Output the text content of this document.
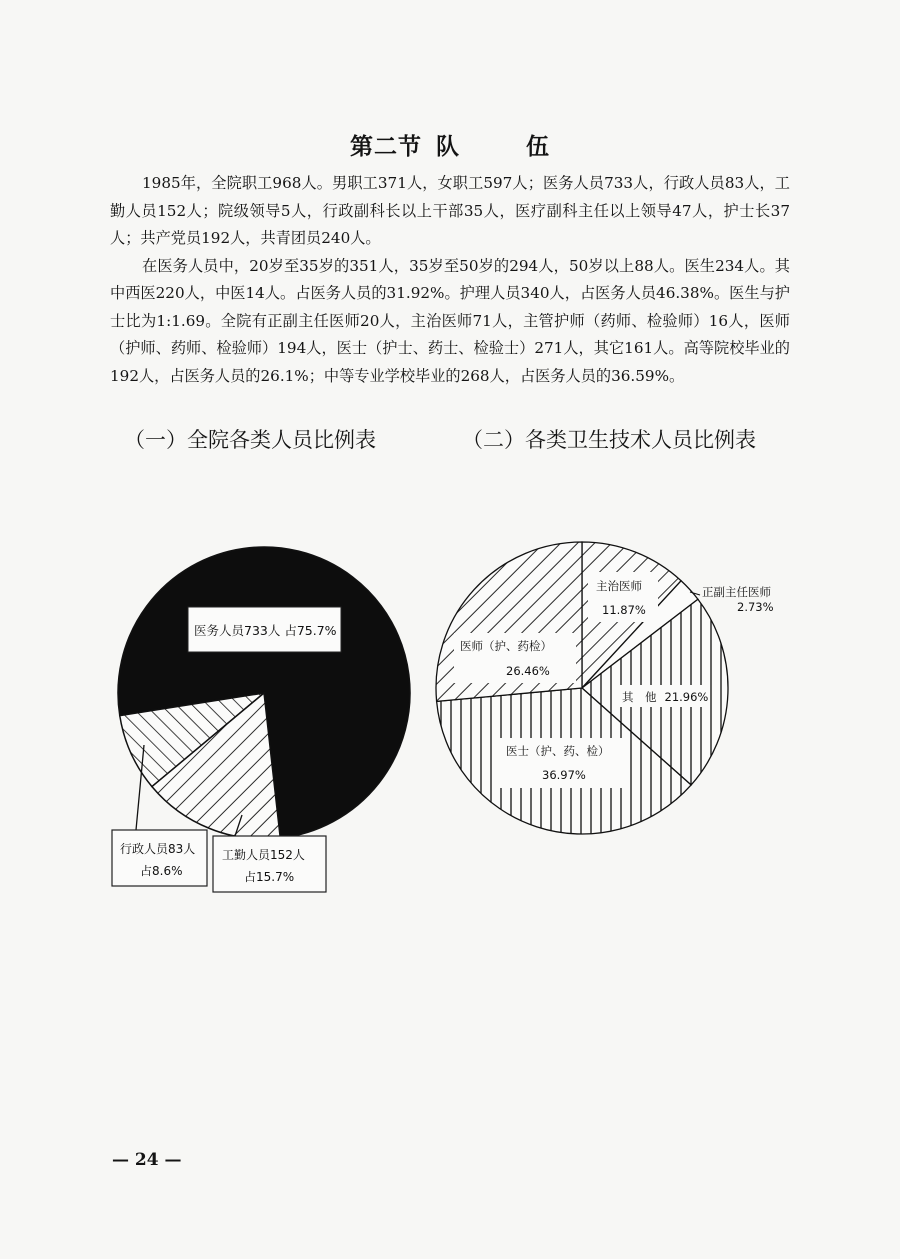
第二节 队	伍

1985年，全院职工968人。男职工371人，女职工597人；医务人员733人，行政人员83人，工勤人员152人；院级领导5人，行政副科长以上干部35人，医疗副科主任以上领导47人，护士长37人；共产党员192人，共青团员240人。

在医务人员中，20岁至35岁的351人，35岁至50岁的294人，50岁以上88人。医生234人。其中西医220人，中医14人。占医务人员的31.92%。护理人员340人，占医务人员46.38%。医生与护士比为1:1.69。全院有正副主任医师20人，主治医师71人，主管护师（药师、检验师）16人，医师（护师、药师、检验师）194人，医士（护士、药士、检验士）271人，其它161人。高等院校毕业的192人，占医务人员的26.1%；中等专业学校毕业的268人，占医务人员的36.59%。

（一）全院各类人员比例表	（二）各类卫生技术人员比例表
医务人员733人 占75.7%
行政人员83人
占8.6%
工勤人员152人
占15.7%
主治医师
11.87%
正副主任医师
2.73%
其　他 21.96%
医师（护、药检）
26.46%
医士（护、药、检）
36.97%
— 24 —
